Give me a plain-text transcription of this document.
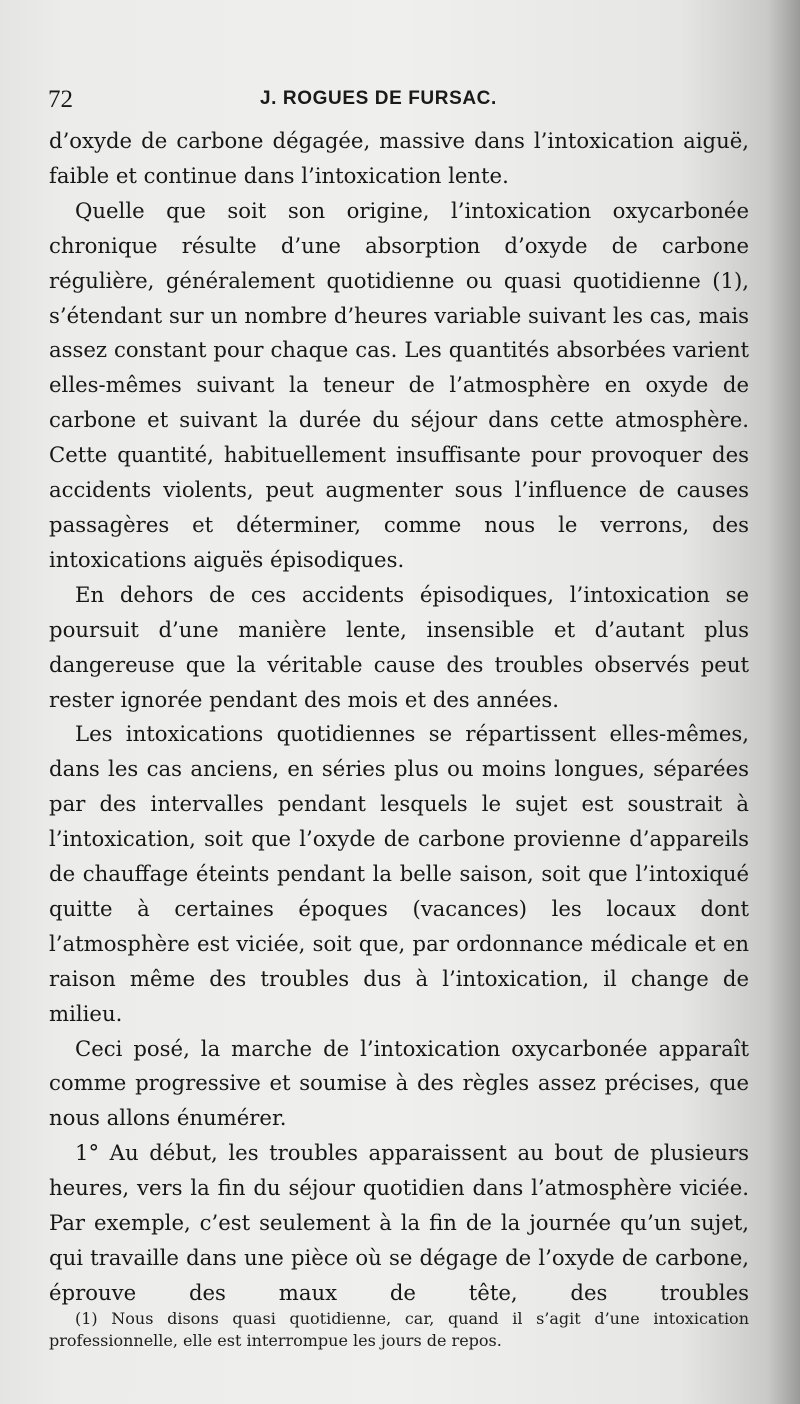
72	J. ROGUES DE FURSAC.

d’oxyde de carbone dégagée, massive dans l’intoxication aiguë, faible et continue dans l’intoxication lente.

Quelle que soit son origine, l’intoxication oxycarbonée chronique résulte d’une absorption d’oxyde de carbone régulière, généralement quotidienne ou quasi quotidienne (1), s’étendant sur un nombre d’heures variable suivant les cas, mais assez constant pour chaque cas. Les quantités absorbées varient elles-mêmes suivant la teneur de l’atmosphère en oxyde de carbone et suivant la durée du séjour dans cette atmosphère. Cette quantité, habituellement insuffisante pour provoquer des accidents violents, peut augmenter sous l’influence de causes passagères et déterminer, comme nous le verrons, des intoxications aiguës épisodiques.

En dehors de ces accidents épisodiques, l’intoxication se poursuit d’une manière lente, insensible et d’autant plus dangereuse que la véritable cause des troubles observés peut rester ignorée pendant des mois et des années.

Les intoxications quotidiennes se répartissent elles-mêmes, dans les cas anciens, en séries plus ou moins longues, séparées par des intervalles pendant lesquels le sujet est soustrait à l’intoxication, soit que l’oxyde de carbone provienne d’appareils de chauffage éteints pendant la belle saison, soit que l’intoxiqué quitte à certaines époques (vacances) les locaux dont l’atmosphère est viciée, soit que, par ordonnance médicale et en raison même des troubles dus à l’intoxication, il change de milieu.

Ceci posé, la marche de l’intoxication oxycarbonée apparaît comme progressive et soumise à des règles assez précises, que nous allons énumérer.

1° Au début, les troubles apparaissent au bout de plusieurs heures, vers la fin du séjour quotidien dans l’atmosphère viciée. Par exemple, c’est seulement à la fin de la journée qu’un sujet, qui travaille dans une pièce où se dégage de l’oxyde de carbone, éprouve des maux de tête, des troubles

(1) Nous disons quasi quotidienne, car, quand il s’agit d’une intoxication professionnelle, elle est interrompue les jours de repos.
